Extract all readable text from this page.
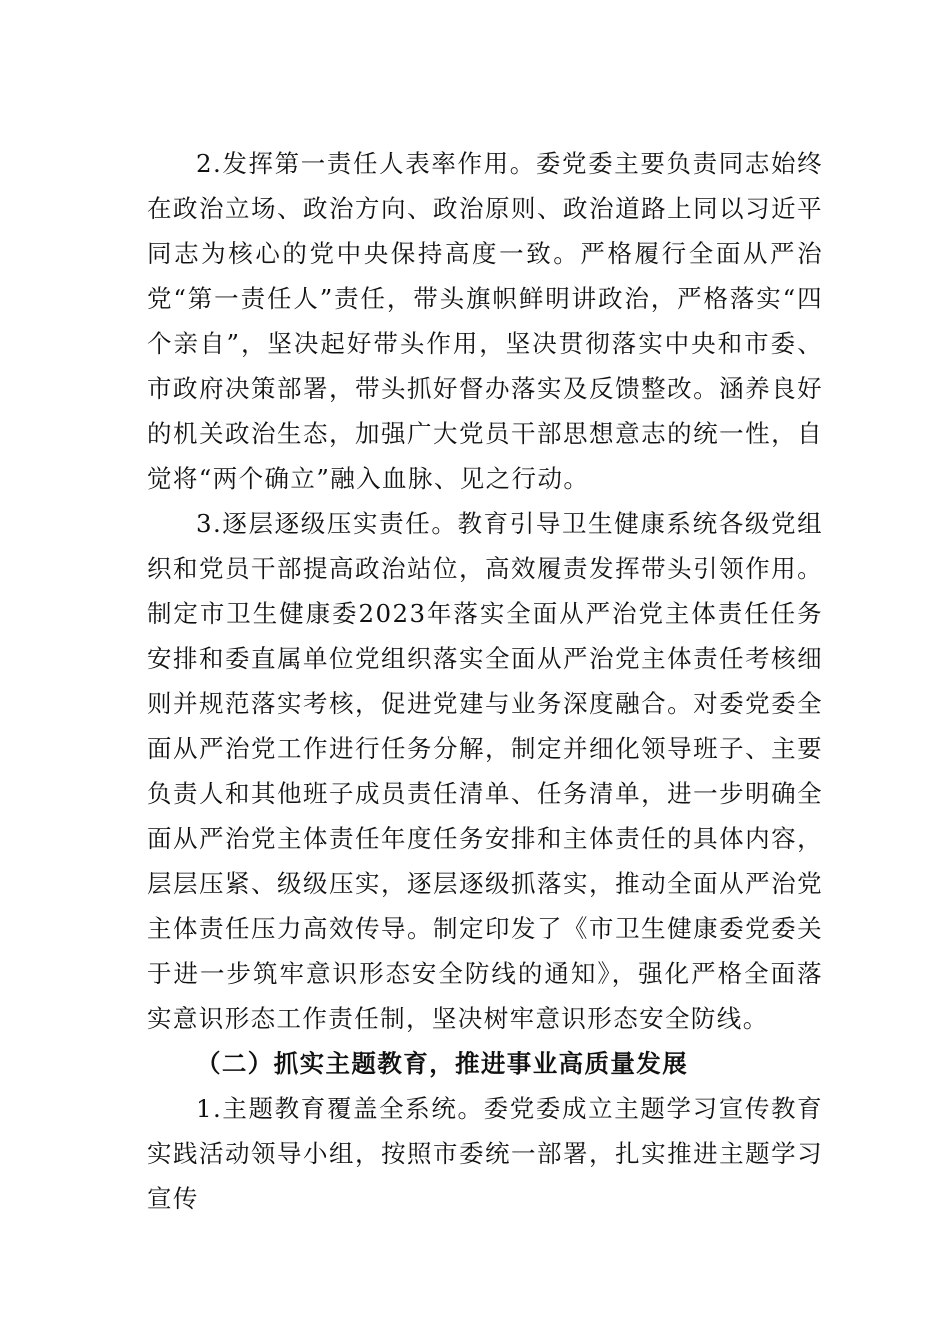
2.发挥第一责任人表率作用。委党委主要负责同志始终在政治立场、政治方向、政治原则、政治道路上同以习近平同志为核心的党中央保持高度一致。严格履行全面从严治党“第一责任人”责任，带头旗帜鲜明讲政治，严格落实“四个亲自”，坚决起好带头作用，坚决贯彻落实中央和市委、市政府决策部署，带头抓好督办落实及反馈整改。涵养良好的机关政治生态，加强广大党员干部思想意志的统一性，自觉将“两个确立”融入血脉、见之行动。

3.逐层逐级压实责任。教育引导卫生健康系统各级党组织和党员干部提高政治站位，高效履责发挥带头引领作用。制定市卫生健康委2023年落实全面从严治党主体责任任务安排和委直属单位党组织落实全面从严治党主体责任考核细则并规范落实考核，促进党建与业务深度融合。对委党委全面从严治党工作进行任务分解，制定并细化领导班子、主要负责人和其他班子成员责任清单、任务清单，进一步明确全面从严治党主体责任年度任务安排和主体责任的具体内容，层层压紧、级级压实，逐层逐级抓落实，推动全面从严治党主体责任压力高效传导。制定印发了《市卫生健康委党委关于进一步筑牢意识形态安全防线的通知》，强化严格全面落实意识形态工作责任制，坚决树牢意识形态安全防线。

（二）抓实主题教育，推进事业高质量发展

1.主题教育覆盖全系统。委党委成立主题学习宣传教育实践活动领导小组，按照市委统一部署，扎实推进主题学习宣传
